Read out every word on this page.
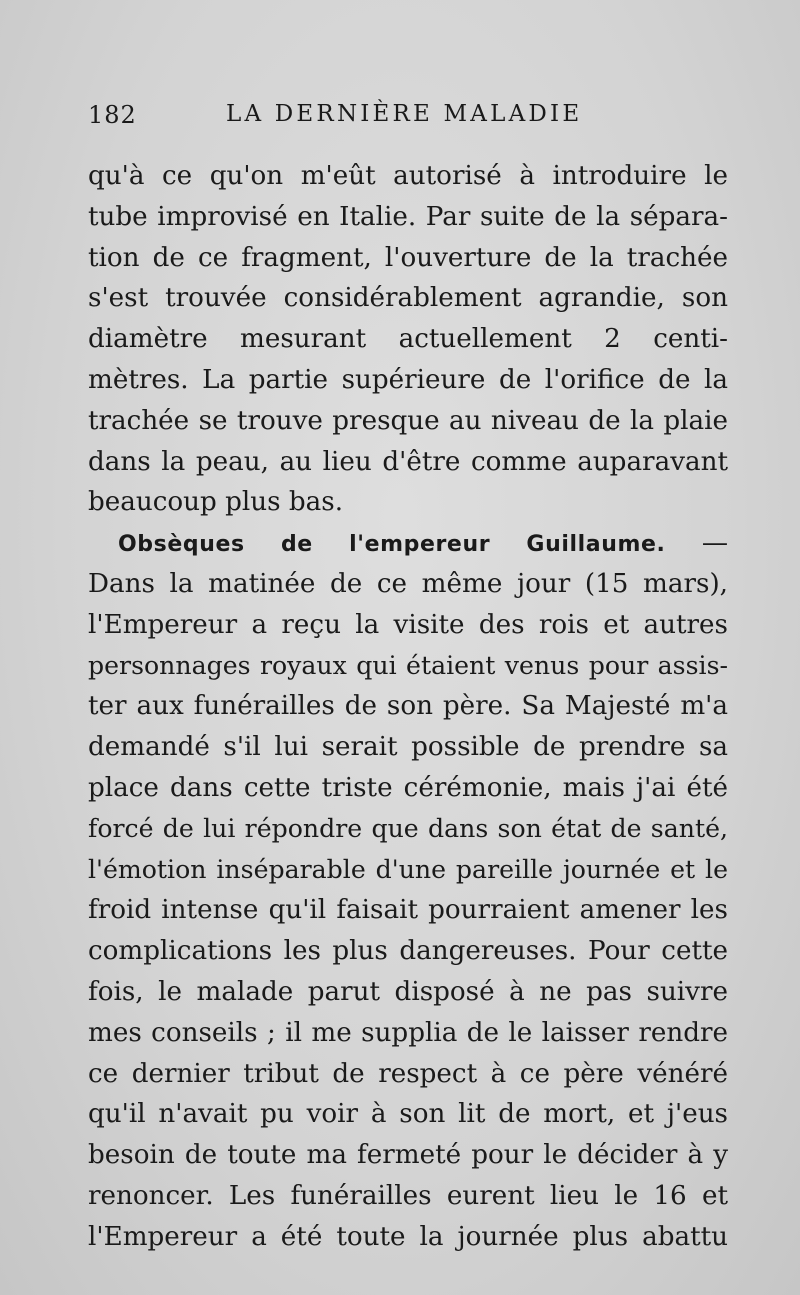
182	LA DERNIÈRE MALADIE
qu'à ce qu'on m'eût autorisé à introduire le
tube improvisé en Italie. Par suite de la sépara-
tion de ce fragment, l'ouverture de la trachée
s'est trouvée considérablement agrandie, son
diamètre mesurant actuellement 2 centi-
mètres. La partie supérieure de l'orifice de la
trachée se trouve presque au niveau de la plaie
dans la peau, au lieu d'être comme auparavant
beaucoup plus bas.
Obsèques de l'empereur Guillaume. —
Dans la matinée de ce même jour (15 mars),
l'Empereur a reçu la visite des rois et autres
personnages royaux qui étaient venus pour assis-
ter aux funérailles de son père. Sa Majesté m'a
demandé s'il lui serait possible de prendre sa
place dans cette triste cérémonie, mais j'ai été
forcé de lui répondre que dans son état de santé,
l'émotion inséparable d'une pareille journée et le
froid intense qu'il faisait pourraient amener les
complications les plus dangereuses. Pour cette
fois, le malade parut disposé à ne pas suivre
mes conseils ; il me supplia de le laisser rendre
ce dernier tribut de respect à ce père vénéré
qu'il n'avait pu voir à son lit de mort, et j'eus
besoin de toute ma fermeté pour le décider à y
renoncer. Les funérailles eurent lieu le 16 et
l'Empereur a été toute la journée plus abattu
